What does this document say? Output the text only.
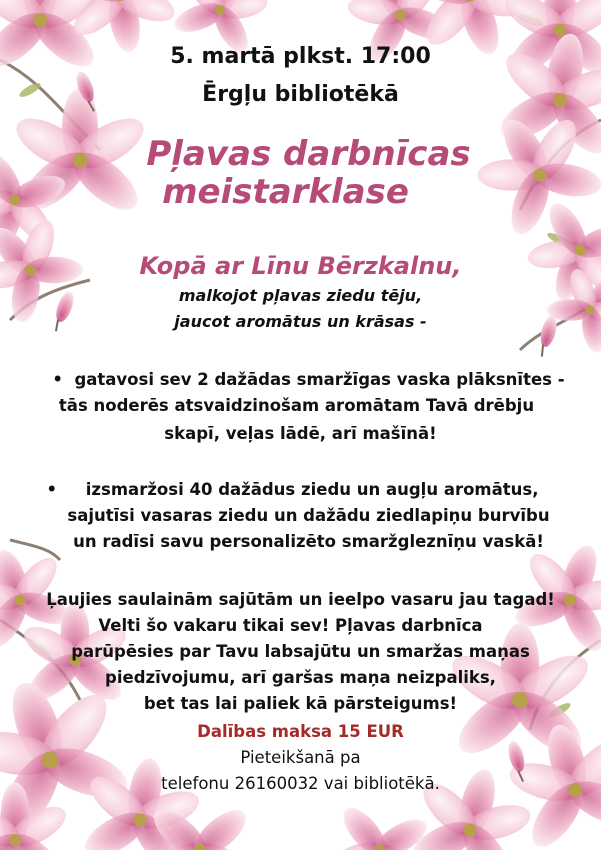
5. martā plkst. 17:00
Ērgļu bibliotēkā
Pļavas darbnīcas
meistarklase
Kopā ar Līnu Bērzkalnu,
malkojot pļavas ziedu tēju,
jaucot aromātus un krāsas -
• gatavosi sev 2 dažādas smaržīgas vaska plāksnītes -
tās noderēs atsvaidzinošam aromātam Tavā drēbju
skapī, veļas lādē, arī mašīnā!
• izsmaržosi 40 dažādus ziedu un augļu aromātus,
sajutīsi vasaras ziedu un dažādu ziedlapiņu burvību
un radīsi savu personalizēto smaržgleznīņu vaskā!
Ļaujies saulainām sajūtām un ieelpo vasaru jau tagad!
Velti šo vakaru tikai sev! Pļavas darbnīca
parūpēsies par Tavu labsajūtu un smaržas maņas
piedzīvojumu, arī garšas maņa neizpaliks,
bet tas lai paliek kā pārsteigums!
Dalības maksa 15 EUR
Pieteikšanā pa
telefonu 26160032 vai bibliotēkā.
